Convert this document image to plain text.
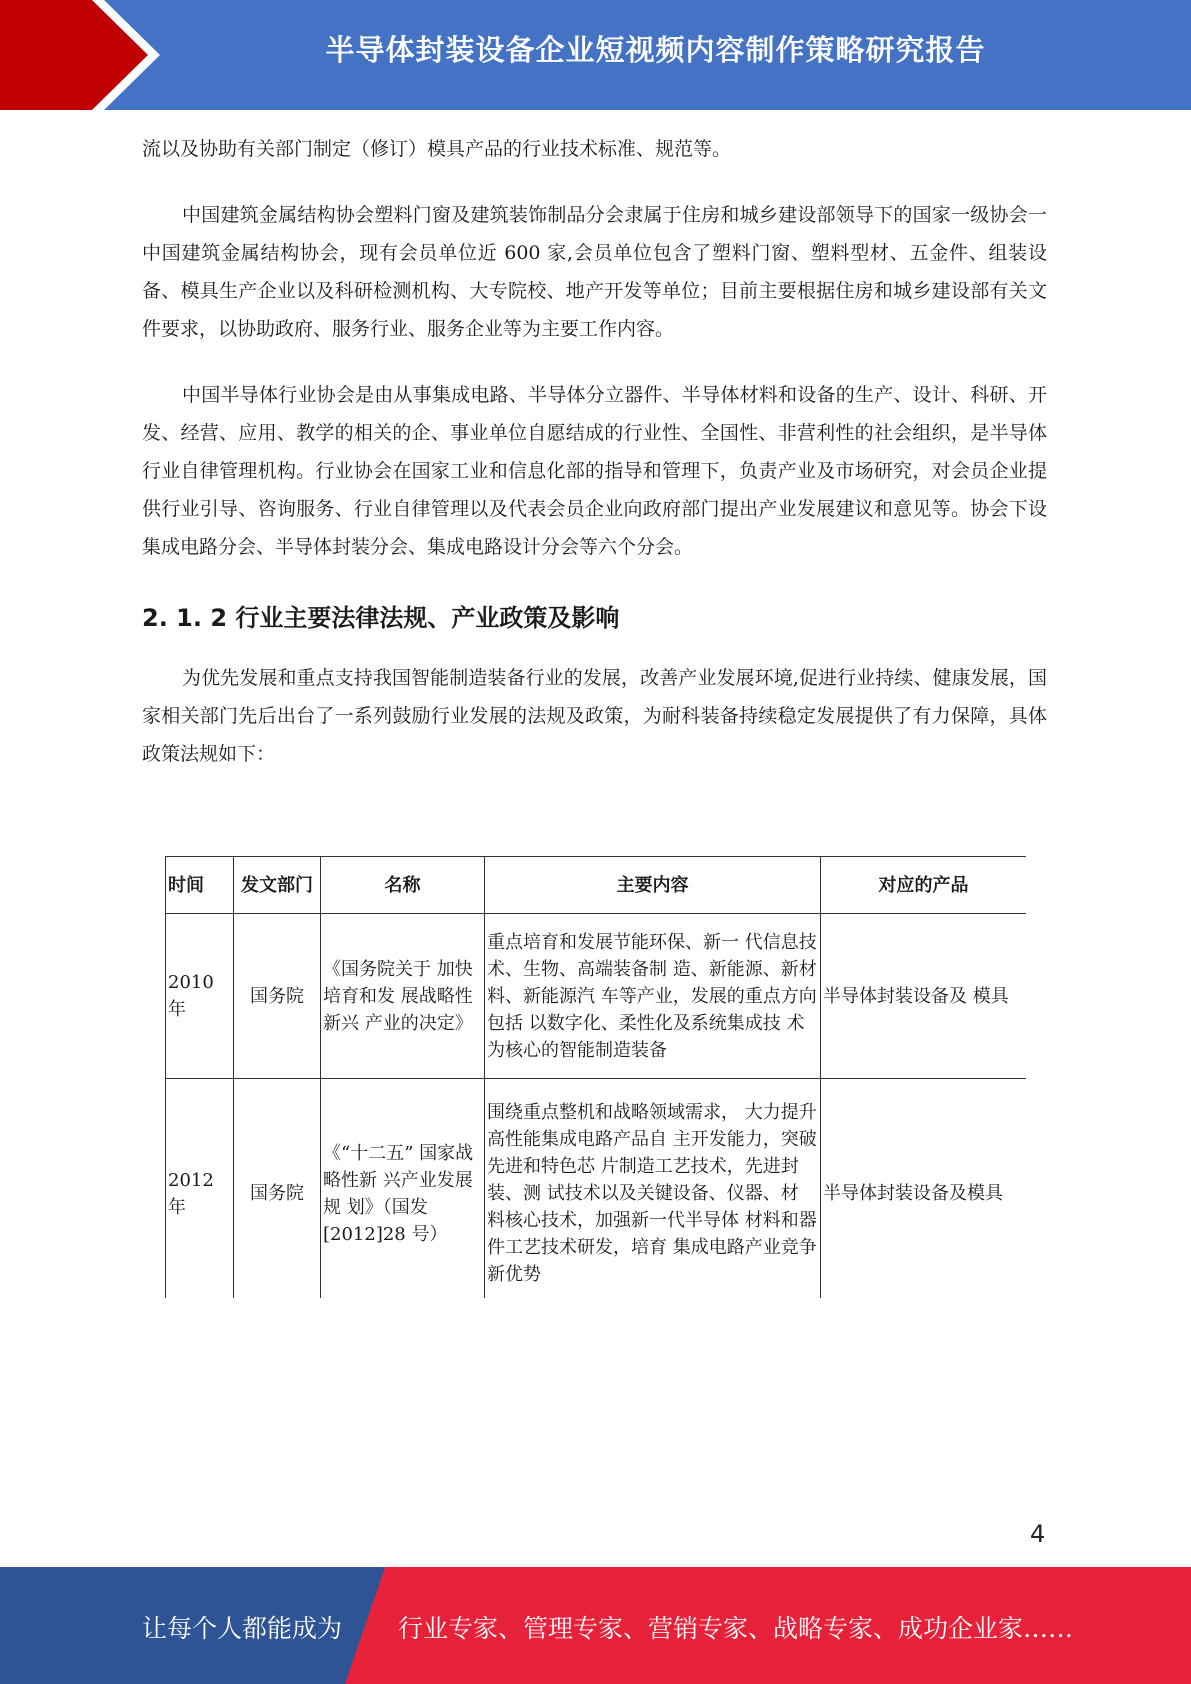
半导体封装设备企业短视频内容制作策略研究报告

流以及协助有关部门制定（修订）模具产品的行业技术标准、规范等。

中国建筑金属结构协会塑料门窗及建筑装饰制品分会隶属于住房和城乡建设部领导下的国家一级协会一中国建筑金属结构协会，现有会员单位近 600 家,会员单位包含了塑料门窗、塑料型材、五金件、组装设备、模具生产企业以及科研检测机构、大专院校、地产开发等单位；目前主要根据住房和城乡建设部有关文件要求，以协助政府、服务行业、服务企业等为主要工作内容。

中国半导体行业协会是由从事集成电路、半导体分立器件、半导体材料和设备的生产、设计、科研、开发、经营、应用、教学的相关的企、事业单位自愿结成的行业性、全国性、非营利性的社会组织，是半导体行业自律管理机构。行业协会在国家工业和信息化部的指导和管理下，负责产业及市场研究，对会员企业提供行业引导、咨询服务、行业自律管理以及代表会员企业向政府部门提出产业发展建议和意见等。协会下设集成电路分会、半导体封装分会、集成电路设计分会等六个分会。

2. 1. 2 行业主要法律法规、产业政策及影响

为优先发展和重点支持我国智能制造装备行业的发展，改善产业发展环境,促进行业持续、健康发展，国家相关部门先后出台了一系列鼓励行业发展的法规及政策，为耐科装备持续稳定发展提供了有力保障，具体政策法规如下：

时间	发文部门	名称	主要内容	对应的产品
2010 年	国务院	《国务院关于 加快培育和发 展战略性新兴 产业的决定》	重点培育和发展节能环保、新一 代信息技术、生物、高端装备制 造、新能源、新材料、新能源汽 车等产业，发展的重点方向包括 以数字化、柔性化及系统集成技 术为核心的智能制造装备	半导体封装设备及 模具
2012 年	国务院	《“十二五” 国家战略性新 兴产业发展规 划》（国发 [2012]28 号）	围绕重点整机和战略领域需求， 大力提升高性能集成电路产品自 主开发能力，突破先进和特色芯 片制造工艺技术，先进封装、测 试技术以及关键设备、仪器、材 料核心技术，加强新一代半导体 材料和器件工艺技术研发，培育 集成电路产业竞争新优势	半导体封装设备及模具
4
让每个人都能成为 行业专家、管理专家、营销专家、战略专家、成功企业家……
